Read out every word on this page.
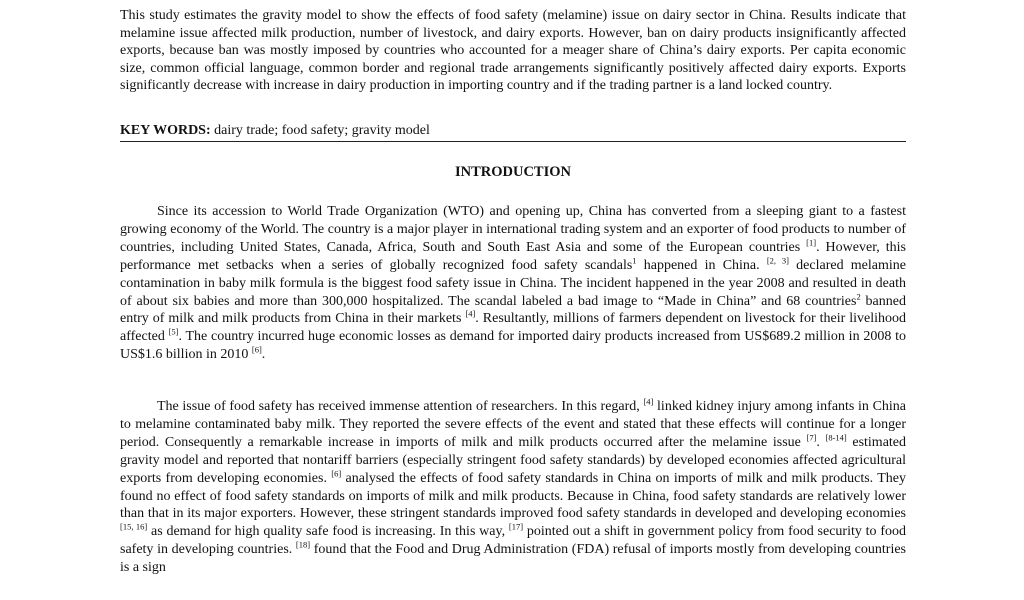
This study estimates the gravity model to show the effects of food safety (melamine) issue on dairy sector in China. Results indicate that melamine issue affected milk production, number of livestock, and dairy exports. However, ban on dairy products insignificantly affected exports, because ban was mostly imposed by countries who accounted for a meager share of China’s dairy exports. Per capita economic size, common official language, common border and regional trade arrangements significantly positively affected dairy exports. Exports significantly decrease with increase in dairy production in importing country and if the trading partner is a land locked country.

KEY WORDS: dairy trade; food safety; gravity model

INTRODUCTION

Since its accession to World Trade Organization (WTO) and opening up, China has converted from a sleeping giant to a fastest growing economy of the World. The country is a major player in international trading system and an exporter of food products to number of countries, including United States, Canada, Africa, South and South East Asia and some of the European countries [1]. However, this performance met setbacks when a series of globally recognized food safety scandals$^1$ happened in China. [2, 3] declared melamine contamination in baby milk formula is the biggest food safety issue in China. The incident happened in the year 2008 and resulted in death of about six babies and more than 300,000 hospitalized. The scandal labeled a bad image to “Made in China” and 68 countries$^2$ banned entry of milk and milk products from China in their markets [4]. Resultantly, millions of farmers dependent on livestock for their livelihood affected [5]. The country incurred huge economic losses as demand for imported dairy products increased from US$689.2 million in 2008 to US$1.6 billion in 2010 [6].

The issue of food safety has received immense attention of researchers. In this regard, [4] linked kidney injury among infants in China to melamine contaminated baby milk. They reported the severe effects of the event and stated that these effects will continue for a longer period. Consequently a remarkable increase in imports of milk and milk products occurred after the melamine issue [7]. [8-14] estimated gravity model and reported that nontariff barriers (especially stringent food safety standards) by developed economies affected agricultural exports from developing economies. [6] analysed the effects of food safety standards in China on imports of milk and milk products. They found no effect of food safety standards on imports of milk and milk products. Because in China, food safety standards are relatively lower than that in its major exporters. However, these stringent standards improved food safety standards in developed and developing economies [15, 16] as demand for high quality safe food is increasing. In this way, [17] pointed out a shift in government policy from food security to food safety in developing countries. [18] found that the Food and Drug Administration (FDA) refusal of imports mostly from developing countries is a sign
